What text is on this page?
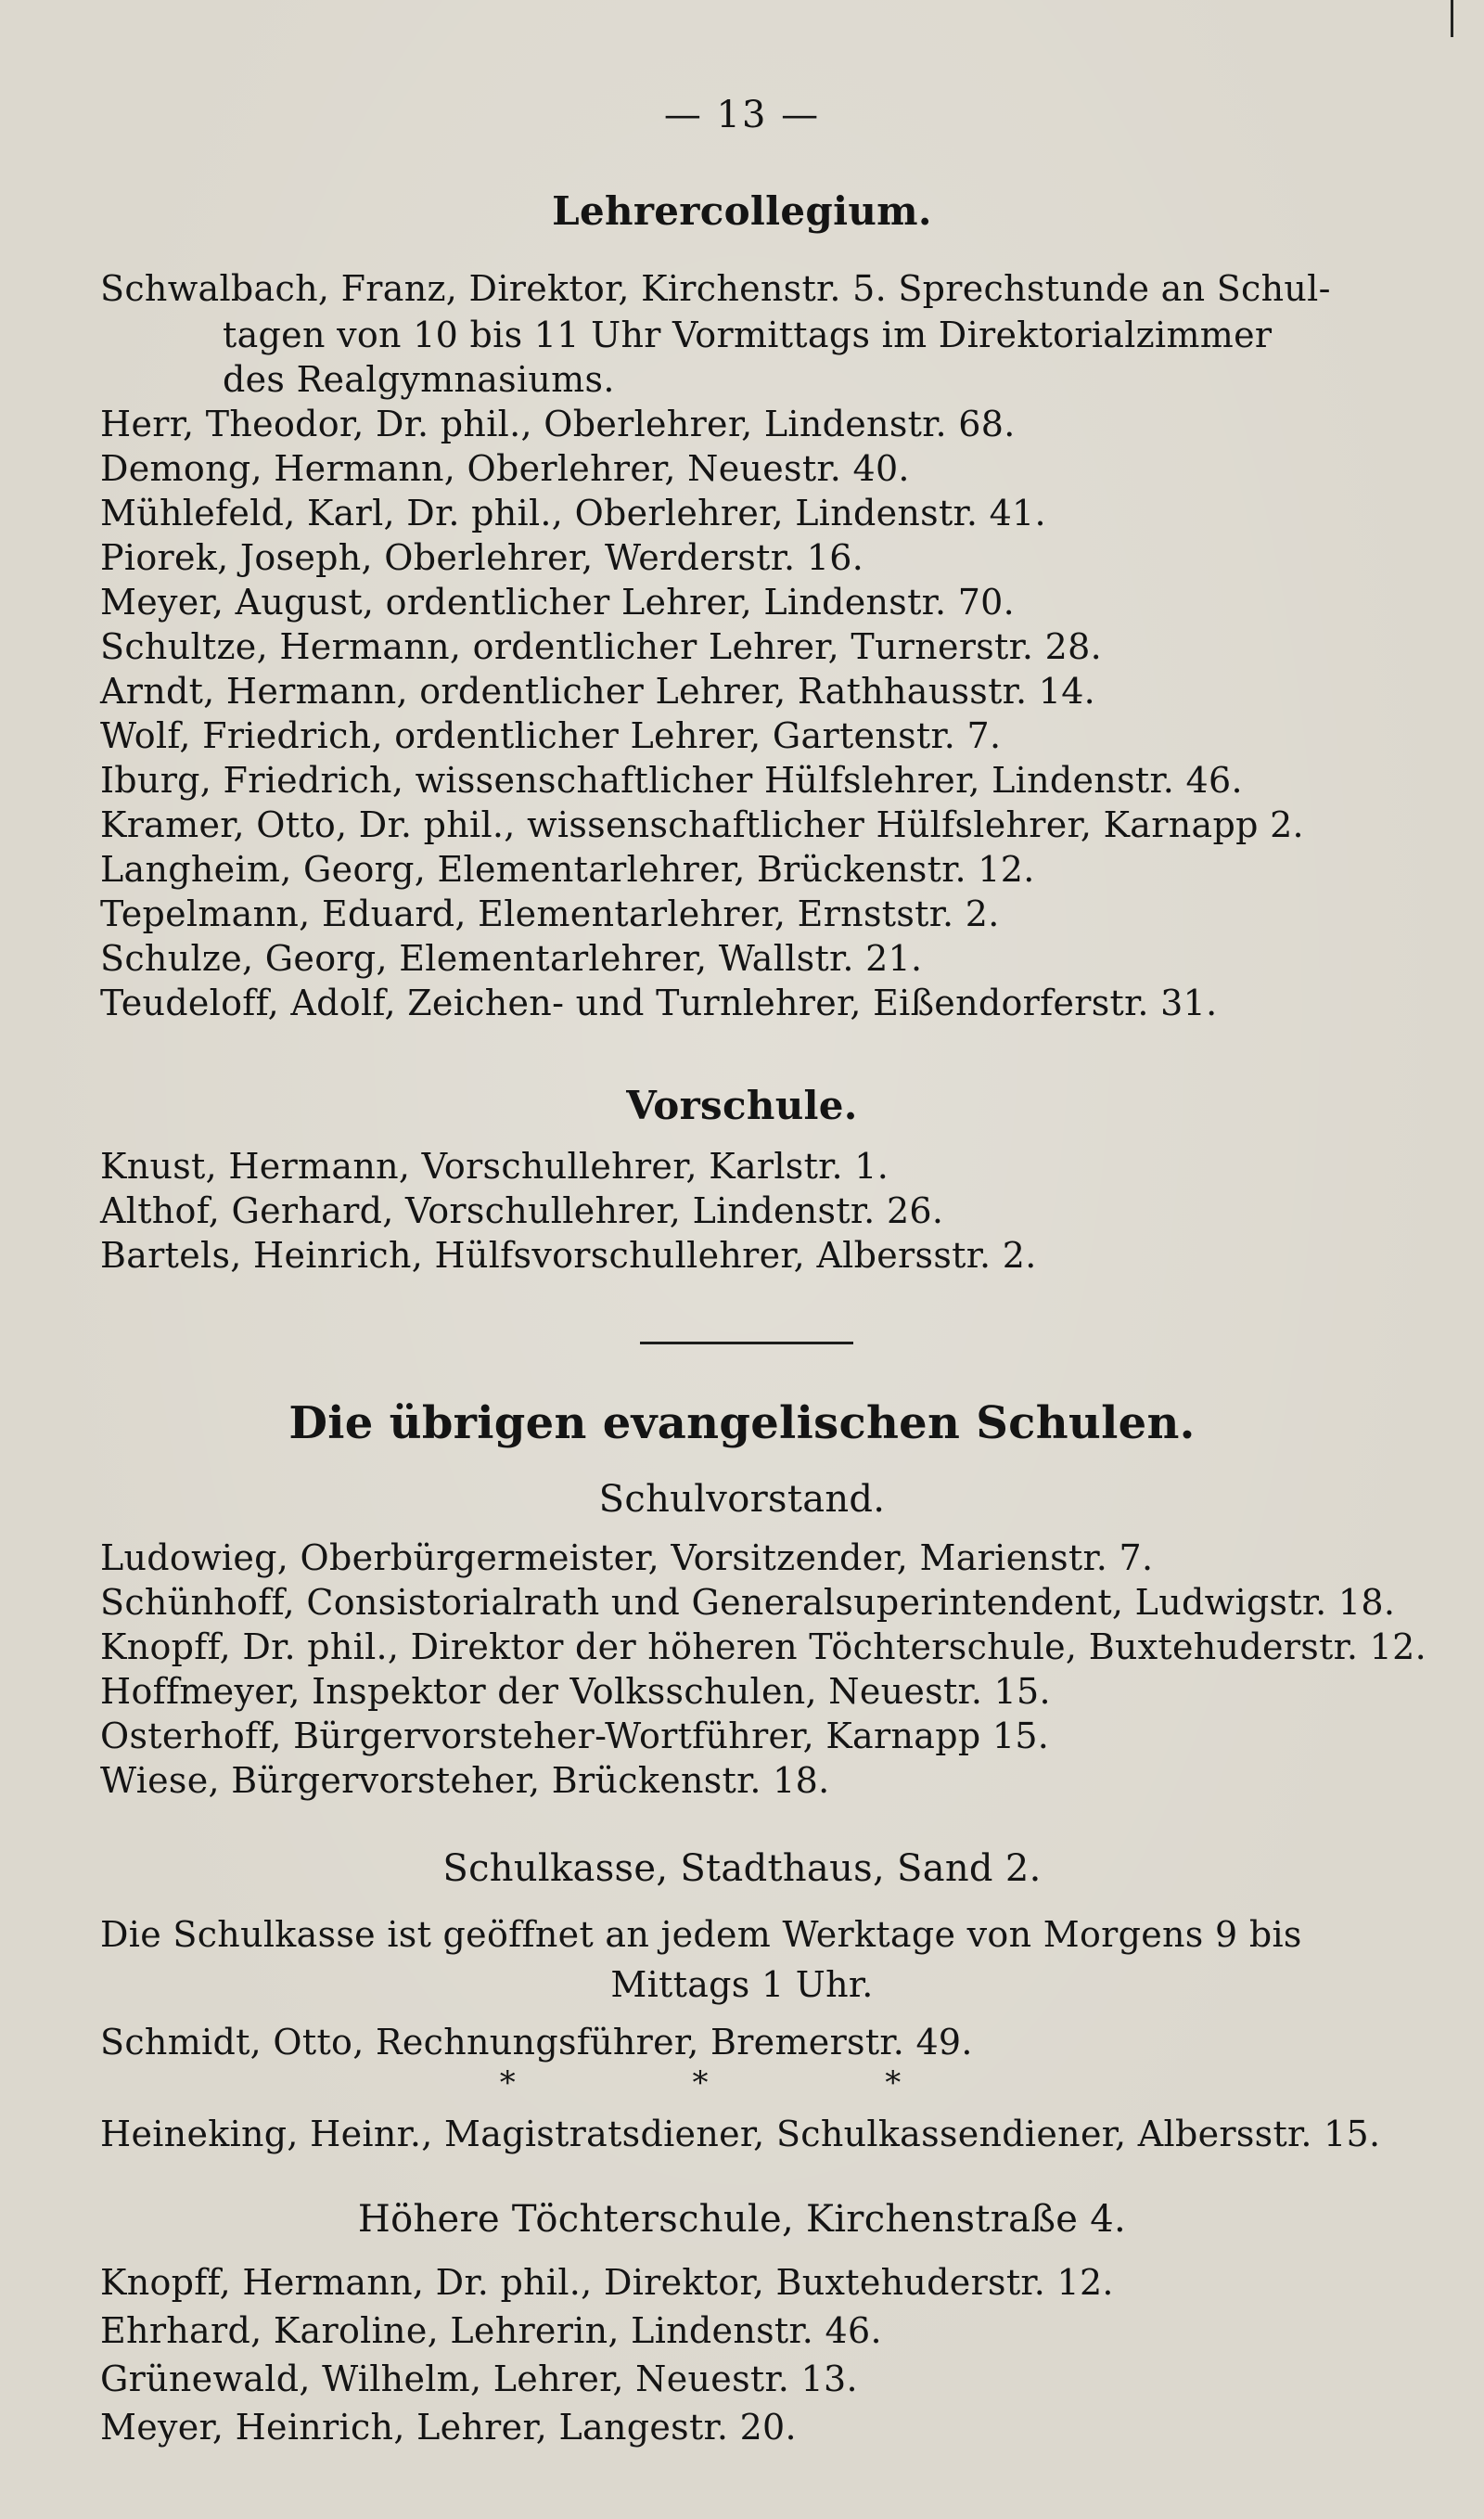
— 13 —
Lehrercollegium.
Schwalbach, Franz, Direktor, Kirchenstr. 5. Sprechstunde an Schul-
tagen von 10 bis 11 Uhr Vormittags im Direktorialzimmer
des Realgymnasiums.
Herr, Theodor, Dr. phil., Oberlehrer, Lindenstr. 68.
Demong, Hermann, Oberlehrer, Neuestr. 40.
Mühlefeld, Karl, Dr. phil., Oberlehrer, Lindenstr. 41.
Piorek, Joseph, Oberlehrer, Werderstr. 16.
Meyer, August, ordentlicher Lehrer, Lindenstr. 70.
Schultze, Hermann, ordentlicher Lehrer, Turnerstr. 28.
Arndt, Hermann, ordentlicher Lehrer, Rathhausstr. 14.
Wolf, Friedrich, ordentlicher Lehrer, Gartenstr. 7.
Iburg, Friedrich, wissenschaftlicher Hülfslehrer, Lindenstr. 46.
Kramer, Otto, Dr. phil., wissenschaftlicher Hülfslehrer, Karnapp 2.
Langheim, Georg, Elementarlehrer, Brückenstr. 12.
Tepelmann, Eduard, Elementarlehrer, Ernststr. 2.
Schulze, Georg, Elementarlehrer, Wallstr. 21.
Teudeloff, Adolf, Zeichen- und Turnlehrer, Eißendorferstr. 31.
Vorschule.
Knust, Hermann, Vorschullehrer, Karlstr. 1.
Althof, Gerhard, Vorschullehrer, Lindenstr. 26.
Bartels, Heinrich, Hülfsvorschullehrer, Albersstr. 2.
Die übrigen evangelischen Schulen.
Schulvorstand.
Ludowieg, Oberbürgermeister, Vorsitzender, Marienstr. 7.
Schünhoff, Consistorialrath und Generalsuperintendent, Ludwigstr. 18.
Knopff, Dr. phil., Direktor der höheren Töchterschule, Buxtehuderstr. 12.
Hoffmeyer, Inspektor der Volksschulen, Neuestr. 15.
Osterhoff, Bürgervorsteher-Wortführer, Karnapp 15.
Wiese, Bürgervorsteher, Brückenstr. 18.
Schulkasse, Stadthaus, Sand 2.
Die Schulkasse ist geöffnet an jedem Werktage von Morgens 9 bis
Mittags 1 Uhr.
Schmidt, Otto, Rechnungsführer, Bremerstr. 49.
* * *
Heineking, Heinr., Magistratsdiener, Schulkassendiener, Albersstr. 15.
Höhere Töchterschule, Kirchenstraße 4.
Knopff, Hermann, Dr. phil., Direktor, Buxtehuderstr. 12.
Ehrhard, Karoline, Lehrerin, Lindenstr. 46.
Grünewald, Wilhelm, Lehrer, Neuestr. 13.
Meyer, Heinrich, Lehrer, Langestr. 20.
